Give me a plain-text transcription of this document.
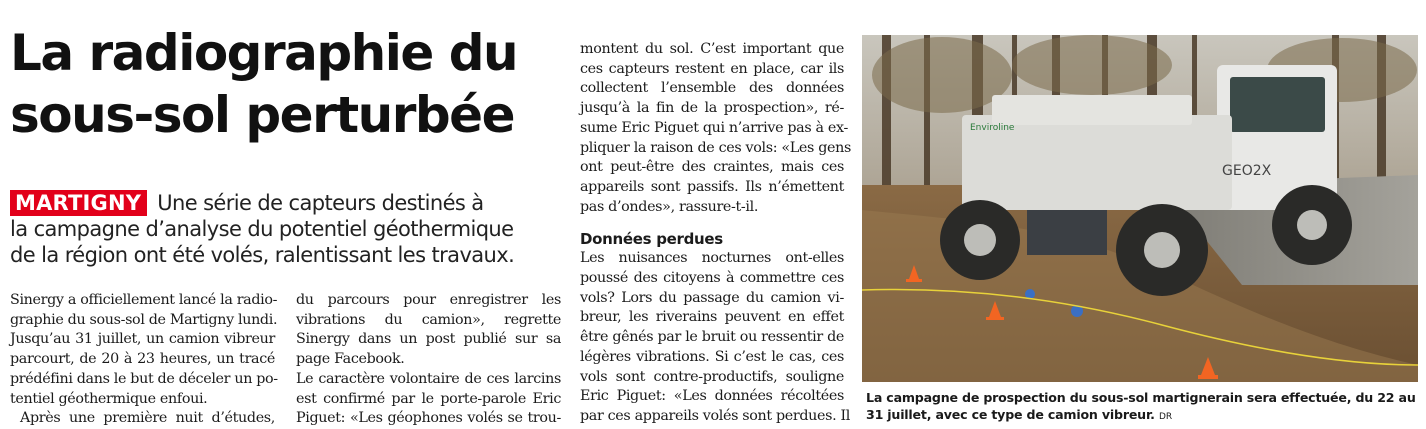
La radiographie du
sous-sol perturbée
MARTIGNY Une série de capteurs destinés à
la campagne d’analyse du potentiel géothermique
de la région ont été volés, ralentissant les travaux.
Sinergy a officiellement lancé la radio-
graphie du sous-sol de Martigny lundi.
Jusqu’au 31 juillet, un camion vibreur
parcourt, de 20 à 23 heures, un tracé
prédéfini dans le but de déceler un po-
tentiel géothermique enfoui.
Après une première nuit d’études,
du parcours pour enregistrer les
vibrations du camion», regrette
Sinergy dans un post publié sur sa
page Facebook.
Le caractère volontaire de ces larcins
est confirmé par le porte-parole Eric
Piguet: «Les géophones volés se trou-
montent du sol. C’est important que
ces capteurs restent en place, car ils
collectent l’ensemble des données
jusqu’à la fin de la prospection», ré-
sume Eric Piguet qui n’arrive pas à ex-
pliquer la raison de ces vols: «Les gens
ont peut-être des craintes, mais ces
appareils sont passifs. Ils n’émettent
pas d’ondes», rassure-t-il.
Données perdues
Les nuisances nocturnes ont-elles
poussé des citoyens à commettre ces
vols? Lors du passage du camion vi-
breur, les riverains peuvent en effet
être gênés par le bruit ou ressentir de
légères vibrations. Si c’est le cas, ces
vols sont contre-productifs, souligne
Eric Piguet: «Les données récoltées
par ces appareils volés sont perdues. Il
GEO2X
Enviroline
La campagne de prospection du sous-sol martignerain sera effectuée, du 22 au
31 juillet, avec ce type de camion vibreur. DR
